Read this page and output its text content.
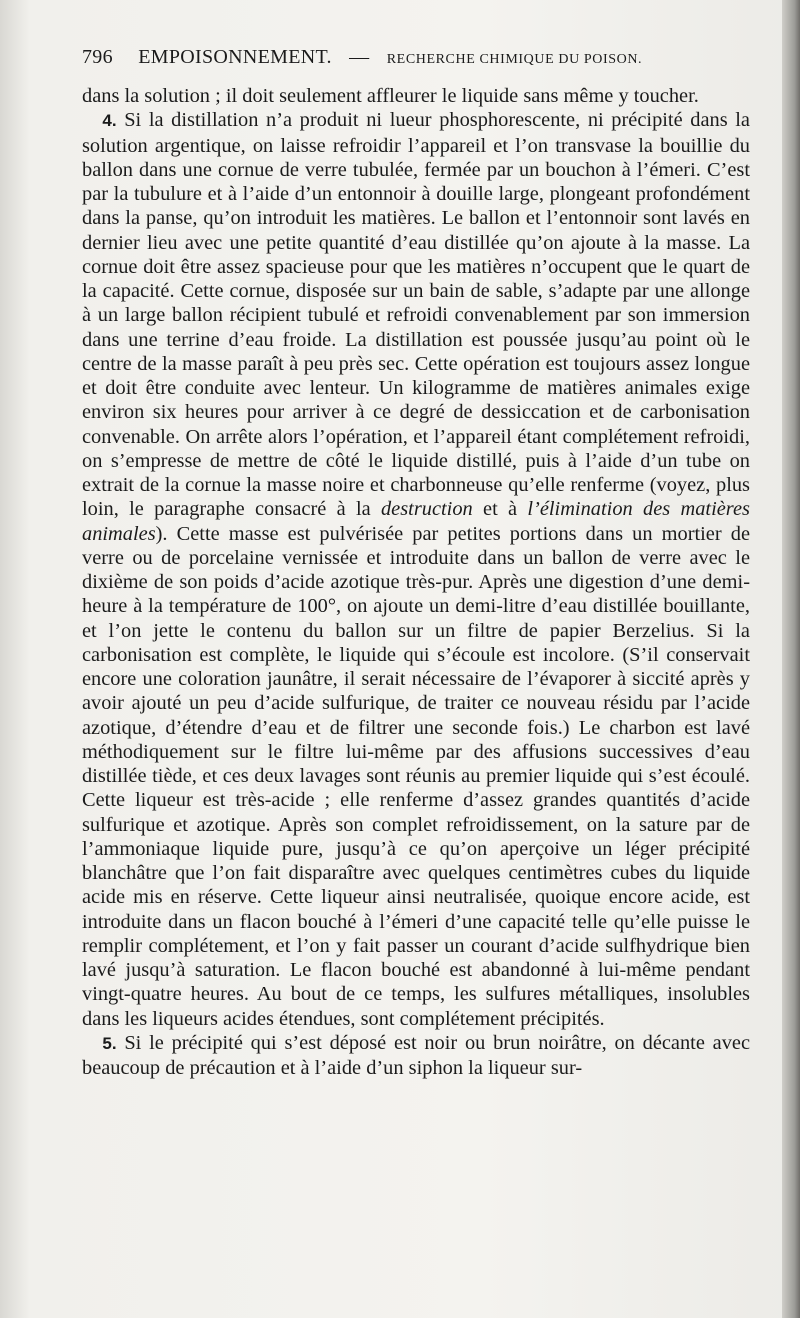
796 EMPOISONNEMENT. — RECHERCHE CHIMIQUE DU POISON.

dans la solution ; il doit seulement affleurer le liquide sans même y toucher.

 4. Si la distillation n’a produit ni lueur phosphorescente, ni précipité dans la solution argentique, on laisse refroidir l’appareil et l’on transvase la bouillie du ballon dans une cornue de verre tubulée, fermée par un bouchon à l’émeri. C’est par la tubulure et à l’aide d’un entonnoir à douille large, plongeant profondément dans la panse, qu’on introduit les matières. Le ballon et l’entonnoir sont lavés en dernier lieu avec une petite quantité d’eau distillée qu’on ajoute à la masse. La cornue doit être assez spacieuse pour que les matières n’occupent que le quart de la capacité. Cette cornue, disposée sur un bain de sable, s’adapte par une allonge à un large ballon récipient tubulé et refroidi convenablement par son immersion dans une terrine d’eau froide. La distillation est poussée jusqu’au point où le centre de la masse paraît à peu près sec. Cette opération est toujours assez longue et doit être conduite avec lenteur. Un kilogramme de matières animales exige environ six heures pour arriver à ce degré de dessiccation et de carbonisation convenable. On arrête alors l’opération, et l’appareil étant complétement refroidi, on s’empresse de mettre de côté le liquide distillé, puis à l’aide d’un tube on extrait de la cornue la masse noire et charbonneuse qu’elle renferme (voyez, plus loin, le paragraphe consacré à la destruction et à l’élimination des matières animales). Cette masse est pulvérisée par petites portions dans un mortier de verre ou de porcelaine vernissée et introduite dans un ballon de verre avec le dixième de son poids d’acide azotique très-pur. Après une digestion d’une demi-heure à la température de 100°, on ajoute un demi-litre d’eau distillée bouillante, et l’on jette le contenu du ballon sur un filtre de papier Berzelius. Si la carbonisation est complète, le liquide qui s’écoule est incolore. (S’il conservait encore une coloration jaunâtre, il serait nécessaire de l’évaporer à siccité après y avoir ajouté un peu d’acide sulfurique, de traiter ce nouveau résidu par l’acide azotique, d’étendre d’eau et de filtrer une seconde fois.) Le charbon est lavé méthodiquement sur le filtre lui-même par des affusions successives d’eau distillée tiède, et ces deux lavages sont réunis au premier liquide qui s’est écoulé. Cette liqueur est très-acide ; elle renferme d’assez grandes quantités d’acide sulfurique et azotique. Après son complet refroidissement, on la sature par de l’ammoniaque liquide pure, jusqu’à ce qu’on aperçoive un léger précipité blanchâtre que l’on fait disparaître avec quelques centimètres cubes du liquide acide mis en réserve. Cette liqueur ainsi neutralisée, quoique encore acide, est introduite dans un flacon bouché à l’émeri d’une capacité telle qu’elle puisse le remplir complétement, et l’on y fait passer un courant d’acide sulfhydrique bien lavé jusqu’à saturation. Le flacon bouché est abandonné à lui-même pendant vingt-quatre heures. Au bout de ce temps, les sulfures métalliques, insolubles dans les liqueurs acides étendues, sont complétement précipités.

 5. Si le précipité qui s’est déposé est noir ou brun noirâtre, on décante avec beaucoup de précaution et à l’aide d’un siphon la liqueur sur-
